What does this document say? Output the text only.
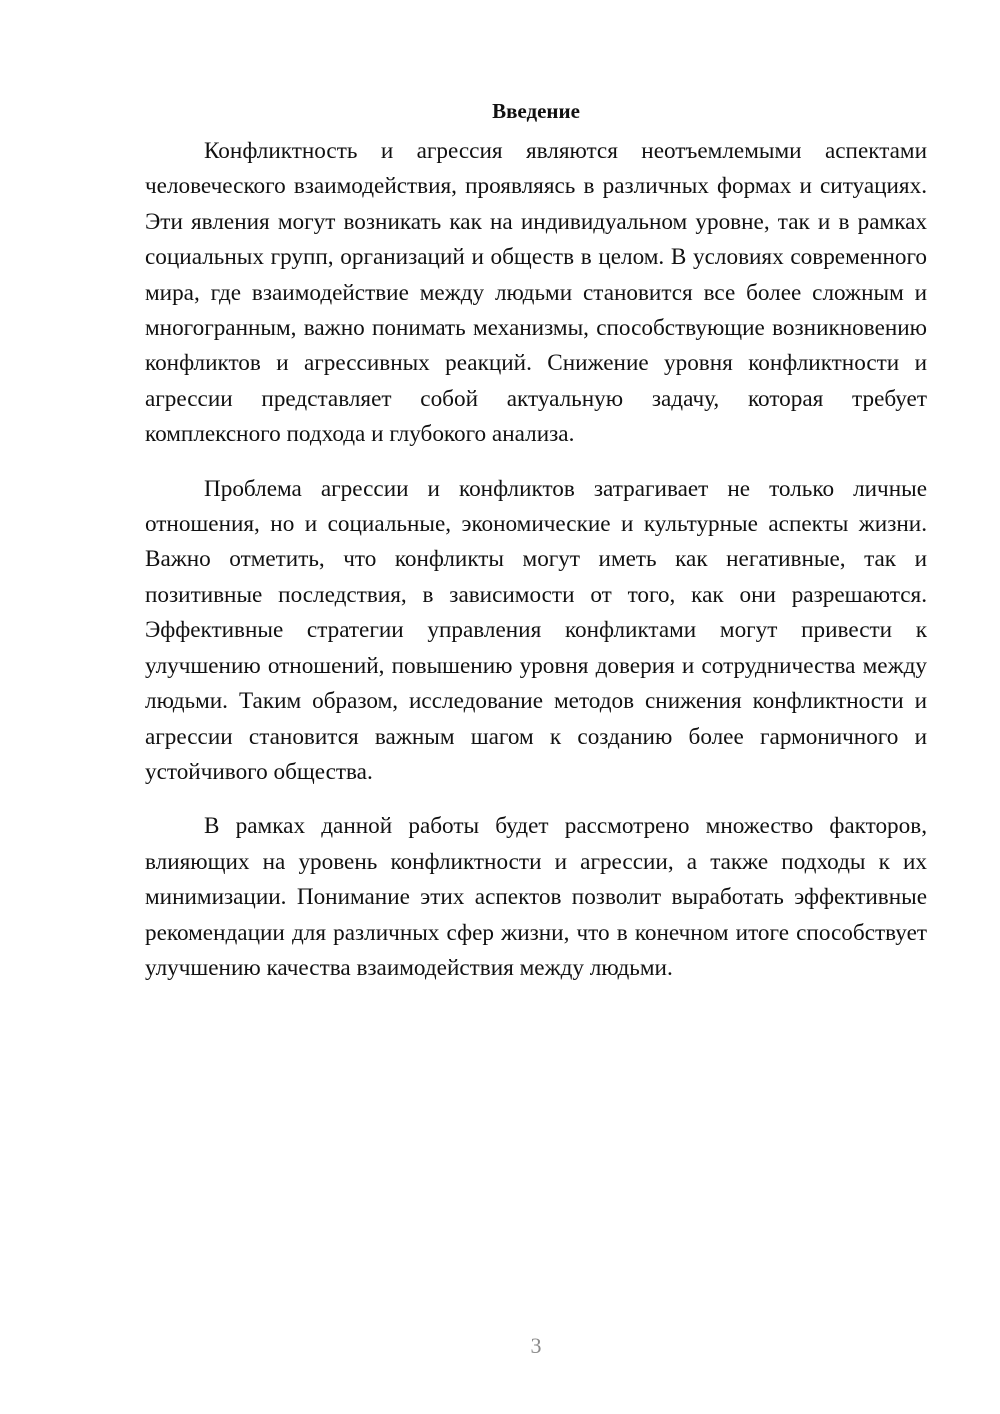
Введение

Конфликтность и агрессия являются неотъемлемыми аспектами человеческого взаимодействия, проявляясь в различных формах и ситуациях. Эти явления могут возникать как на индивидуальном уровне, так и в рамках социальных групп, организаций и обществ в целом. В условиях современного мира, где взаимодействие между людьми становится все более сложным и многогранным, важно понимать механизмы, способствующие возникновению конфликтов и агрессивных реакций. Снижение уровня конфликтности и агрессии представляет собой актуальную задачу, которая требует комплексного подхода и глубокого анализа.

Проблема агрессии и конфликтов затрагивает не только личные отношения, но и социальные, экономические и культурные аспекты жизни. Важно отметить, что конфликты могут иметь как негативные, так и позитивные последствия, в зависимости от того, как они разрешаются. Эффективные стратегии управления конфликтами могут привести к улучшению отношений, повышению уровня доверия и сотрудничества между людьми. Таким образом, исследование методов снижения конфликтности и агрессии становится важным шагом к созданию более гармоничного и устойчивого общества.

В рамках данной работы будет рассмотрено множество факторов, влияющих на уровень конфликтности и агрессии, а также подходы к их минимизации. Понимание этих аспектов позволит выработать эффективные рекомендации для различных сфер жизни, что в конечном итоге способствует улучшению качества взаимодействия между людьми.

3
